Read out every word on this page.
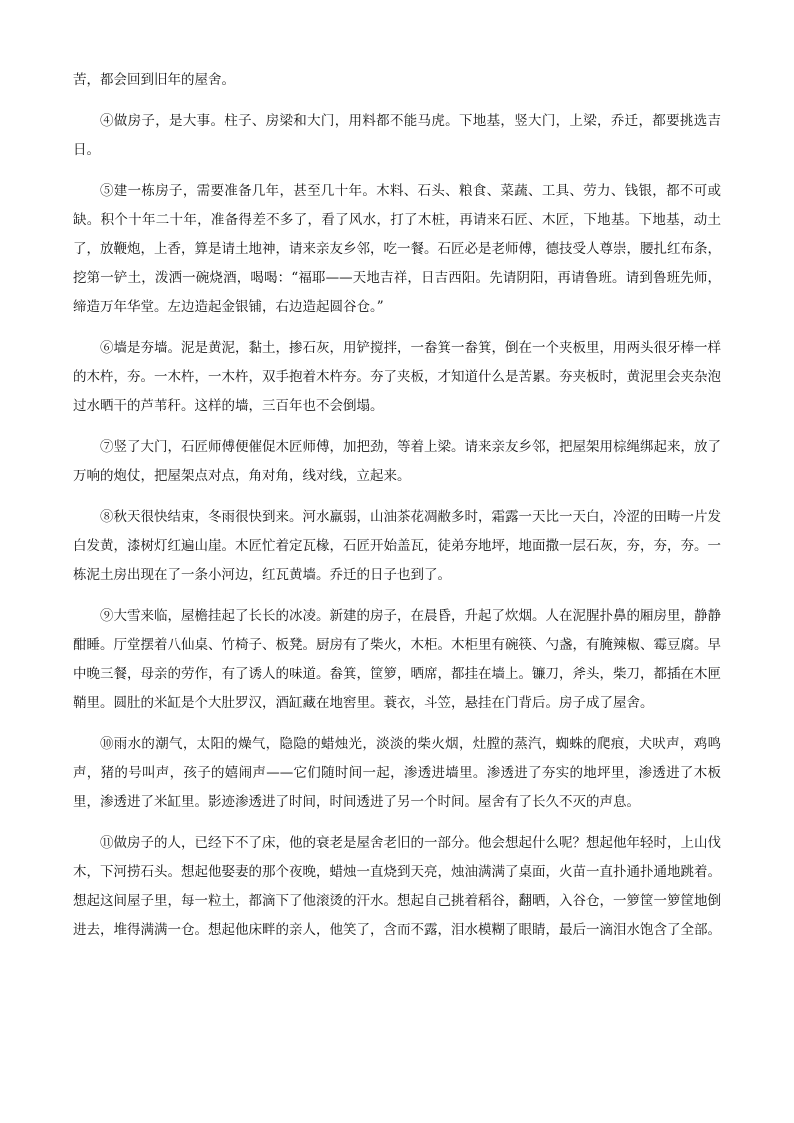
苦，都会回到旧年的屋舍。

④做房子，是大事。柱子、房梁和大门，用料都不能马虎。下地基，竖大门，上梁，乔迁，都要挑选吉日。

⑤建一栋房子，需要准备几年，甚至几十年。木料、石头、粮食、菜蔬、工具、劳力、钱银，都不可或缺。积个十年二十年，准备得差不多了，看了风水，打了木桩，再请来石匠、木匠，下地基。下地基，动土了，放鞭炮，上香，算是请土地神，请来亲友乡邻，吃一餐。石匠必是老师傅，德技受人尊崇，腰扎红布条，挖第一铲土，泼洒一碗烧酒，喝喝：“福耶——天地吉祥，日吉西阳。先请阴阳，再请鲁班。请到鲁班先师，缔造万年华堂。左边造起金银铺，右边造起圆谷仓。”

⑥墙是夯墙。泥是黄泥，黏土，掺石灰，用铲搅拌，一畚箕一畚箕，倒在一个夹板里，用两头很牙棒一样的木杵，夯。一木杵，一木杵，双手抱着木杵夯。夯了夹板，才知道什么是苦累。夯夹板时，黄泥里会夹杂泡过水晒干的芦苇秆。这样的墙，三百年也不会倒塌。

⑦竖了大门，石匠师傅便催促木匠师傅，加把劲，等着上梁。请来亲友乡邻，把屋架用棕绳绑起来，放了万响的炮仗，把屋架点对点，角对角，线对线，立起来。

⑧秋天很快结束，冬雨很快到来。河水羸弱，山油茶花凋敝多时，霜露一天比一天白，冷涩的田畴一片发白发黄，漆树灯红遍山崖。木匠忙着定瓦椽，石匠开始盖瓦，徒弟夯地坪，地面撒一层石灰，夯，夯，夯。一栋泥土房出现在了一条小河边，红瓦黄墙。乔迁的日子也到了。

⑨大雪来临，屋檐挂起了长长的冰凌。新建的房子，在晨昏，升起了炊烟。人在泥腥扑鼻的厢房里，静静酣睡。厅堂摆着八仙桌、竹椅子、板凳。厨房有了柴火，木柜。木柜里有碗筷、勺盏，有腌辣椒、霉豆腐。早中晚三餐，母亲的劳作，有了诱人的味道。畚箕，筐箩，晒席，都挂在墙上。镰刀，斧头，柴刀，都插在木匣鞘里。圆肚的米缸是个大肚罗汉，酒缸藏在地窖里。蓑衣，斗笠，悬挂在门背后。房子成了屋舍。

⑩雨水的潮气，太阳的燥气，隐隐的蜡烛光，淡淡的柴火烟，灶膛的蒸汽，蜘蛛的爬痕，犬吠声，鸡鸣声，猪的号叫声，孩子的嬉闹声——它们随时间一起，渗透进墙里。渗透进了夯实的地坪里，渗透进了木板里，渗透进了米缸里。影迹渗透进了时间，时间透进了另一个时间。屋舍有了长久不灭的声息。

⑪做房子的人，已经下不了床，他的衰老是屋舍老旧的一部分。他会想起什么呢？想起他年轻时，上山伐木，下河捞石头。想起他娶妻的那个夜晚，蜡烛一直烧到天亮，烛油满满了桌面，火苗一直扑通扑通地跳着。想起这间屋子里，每一粒土，都滴下了他滚烫的汗水。想起自己挑着稻谷，翻晒，入谷仓，一箩筐一箩筐地倒进去，堆得满满一仓。想起他床畔的亲人，他笑了，含而不露，泪水模糊了眼睛，最后一滴泪水饱含了全部。
